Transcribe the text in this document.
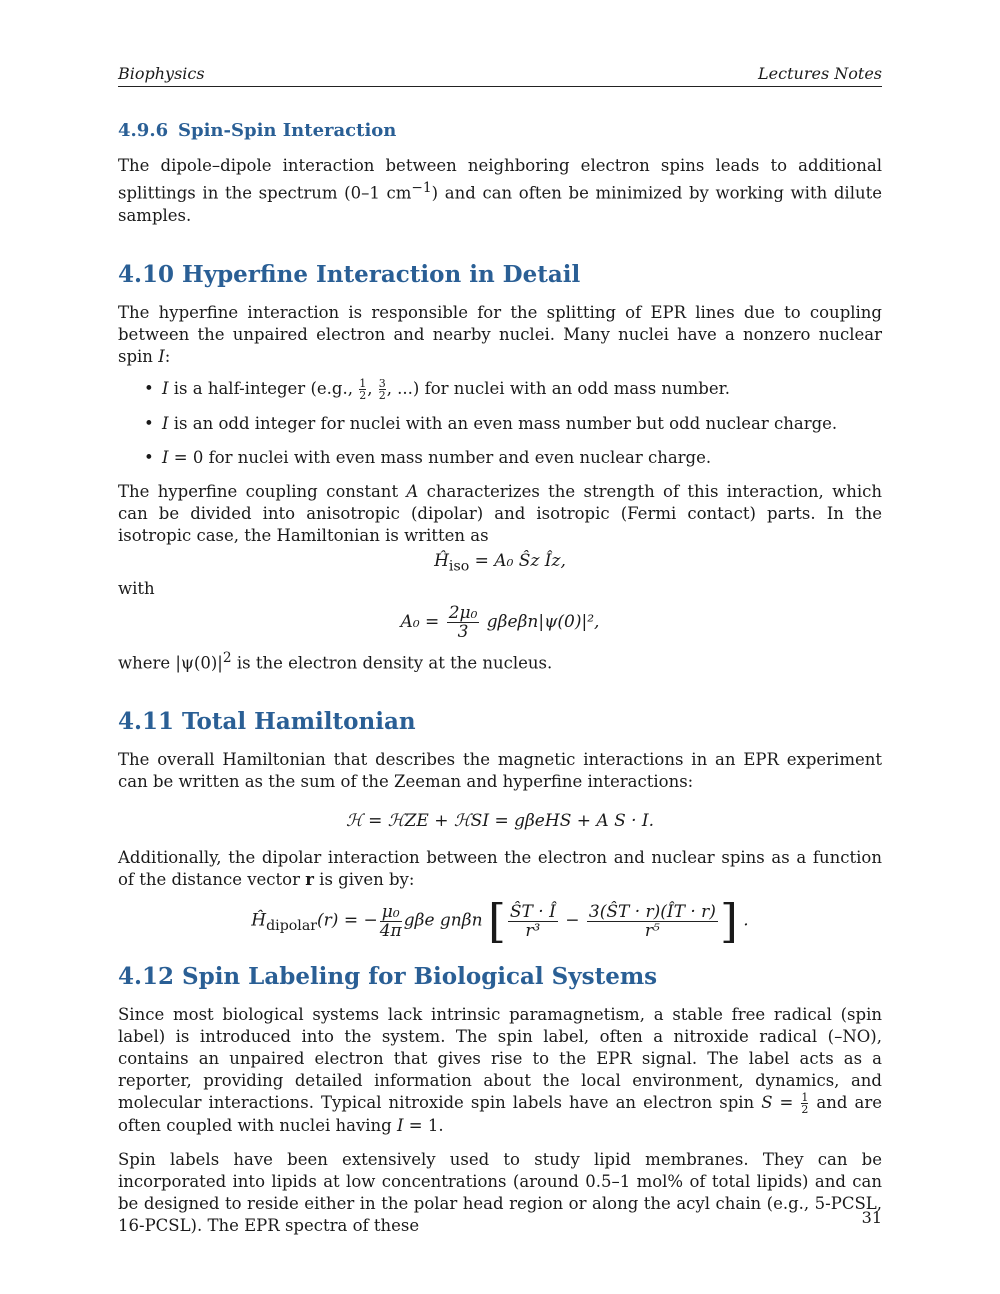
Biophysics	Lectures Notes
4.9.6 Spin-Spin Interaction

The dipole–dipole interaction between neighboring electron spins leads to additional splittings in the spectrum (0–1 $cm^{-1}$) and can often be minimized by working with dilute samples.

4.10 Hyperfine Interaction in Detail

The hyperfine interaction is responsible for the splitting of EPR lines due to coupling between the unpaired electron and nearby nuclei. Many nuclei have a nonzero nuclear spin I:

• I is a half-integer (e.g., $\frac{1}{2}$ , $\frac{3}{2}$ , ...) for nuclei with an odd mass number.
• I is an odd integer for nuclei with an even mass number but odd nuclear charge.
• I = 0 for nuclei with even mass number and even nuclear charge.

The hyperfine coupling constant A characterizes the strength of this interaction, which can be divided into anisotropic (dipolar) and isotropic (Fermi contact) parts. In the isotropic case, the Hamiltonian is written as

$Ĥ_{iso} = A_0$ Ŝz Îz,

with

$A_0 = \frac{\text{2μ₀}}{3} g\beta e\beta n|\psi(0)|^2$,

where $|\psi(0)|^2$ is the electron density at the nucleus.

4.11 Total Hamiltonian

The overall Hamiltonian that describes the magnetic interactions in an EPR experiment can be written as the sum of the Zeeman and hyperfine interactions:

ℋ = ℋZE + ℋSI = gβeHS + A S · I.

Additionally, the dipolar interaction between the electron and nuclear spins as a function of the distance vector r is given by:

$Ĥ_{dipolar}(r)$ = − $\frac{\text{μ₀}}{4\pi}$ gβe gnβn [ $\frac{ŜT \cdot Î}{\text{r³}} - \frac{3(ŜT \cdot r)(ÎT \cdot r)}{\text{r⁵}}$ ] .
4.12 Spin Labeling for Biological Systems

Since most biological systems lack intrinsic paramagnetism, a stable free radical (spin label) is introduced into the system. The spin label, often a nitroxide radical (–NO), contains an unpaired electron that gives rise to the EPR signal. The label acts as a reporter, providing detailed information about the local environment, dynamics, and molecular interactions. Typical nitroxide spin labels have an electron spin $S = \frac{1}{2}$ and are often coupled with nuclei having I = 1.

Spin labels have been extensively used to study lipid membranes. They can be incorporated into lipids at low concentrations (around 0.5–1 mol% of total lipids) and can be designed to reside either in the polar head region or along the acyl chain (e.g., 5-PCSL, 16-PCSL). The EPR spectra of these	31
